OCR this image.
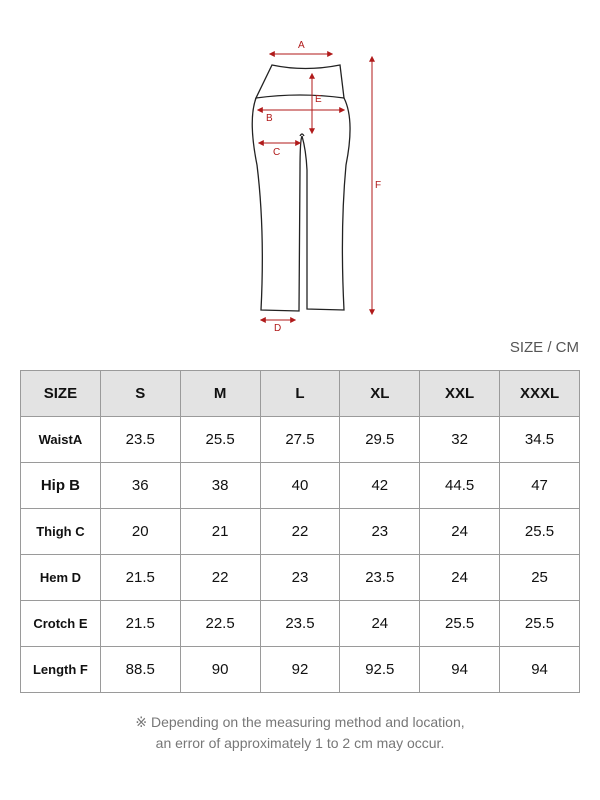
A
B
C
D
E
F
SIZE / CM
SIZE	S	M	L	XL	XXL	XXXL
WaistA	23.5	25.5	27.5	29.5	32	34.5
Hip B	36	38	40	42	44.5	47
Thigh C	20	21	22	23	24	25.5
Hem D	21.5	22	23	23.5	24	25
Crotch E	21.5	22.5	23.5	24	25.5	25.5
Length F	88.5	90	92	92.5	94	94
※ Depending on the measuring method and location,
an error of approximately 1 to 2 cm may occur.
